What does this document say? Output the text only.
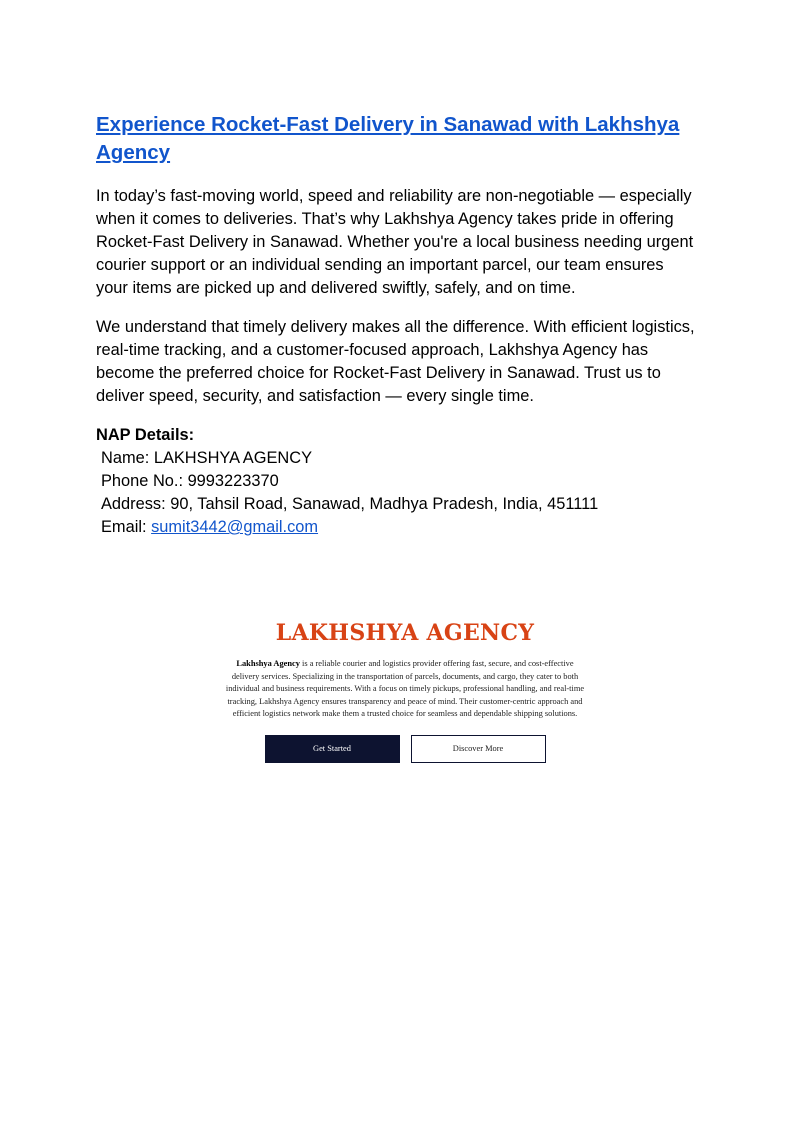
Experience Rocket-Fast Delivery in Sanawad with Lakhshya Agency

In today’s fast-moving world, speed and reliability are non-negotiable — especially when it comes to deliveries. That’s why Lakhshya Agency takes pride in offering Rocket-Fast Delivery in Sanawad. Whether you're a local business needing urgent courier support or an individual sending an important parcel, our team ensures your items are picked up and delivered swiftly, safely, and on time.

We understand that timely delivery makes all the difference. With efficient logistics, real-time tracking, and a customer-focused approach, Lakhshya Agency has become the preferred choice for Rocket-Fast Delivery in Sanawad. Trust us to deliver speed, security, and satisfaction — every single time.

NAP Details:
Name: LAKHSHYA AGENCY
Phone No.: 9993223370
Address: 90, Tahsil Road, Sanawad, Madhya Pradesh, India, 451111
Email: sumit3442@gmail.com
LAKHSHYA AGENCY

Lakhshya Agency is a reliable courier and logistics provider offering fast, secure, and cost-effective delivery services. Specializing in the transportation of parcels, documents, and cargo, they cater to both individual and business requirements. With a focus on timely pickups, professional handling, and real-time tracking, Lakhshya Agency ensures transparency and peace of mind. Their customer-centric approach and efficient logistics network make them a trusted choice for seamless and dependable shipping solutions.

Get Started	Discover More
